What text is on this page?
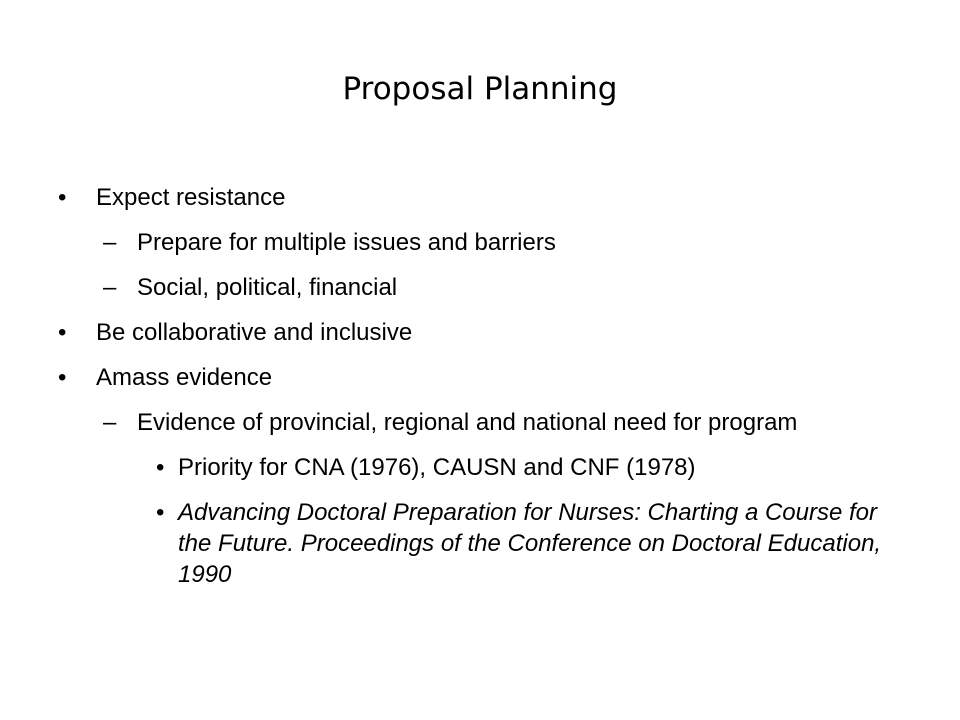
Proposal Planning
• Expect resistance
– Prepare for multiple issues and barriers
– Social, political, financial
• Be collaborative and inclusive
• Amass evidence
– Evidence of provincial, regional and national need for program
• Priority for CNA (1976), CAUSN and CNF (1978)
• Advancing Doctoral Preparation for Nurses: Charting a Course for the Future. Proceedings of the Conference on Doctoral Education, 1990
